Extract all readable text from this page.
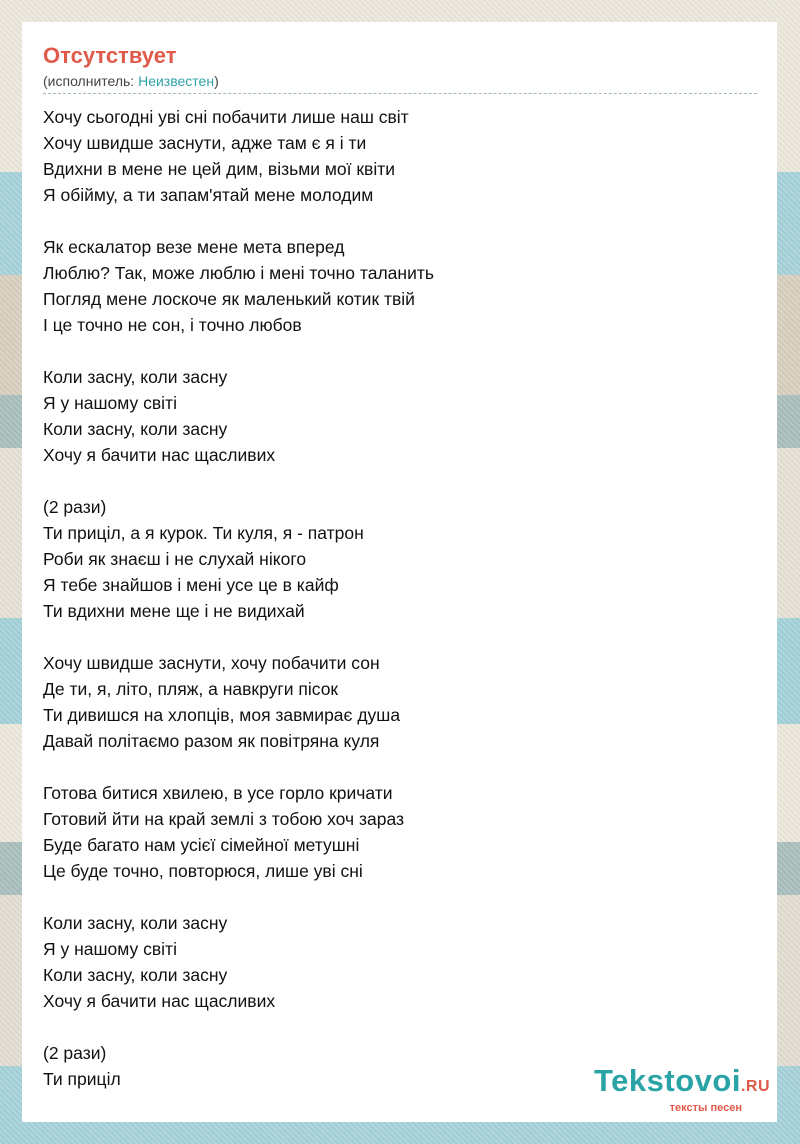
Отсутствует
(исполнитель: Неизвестен)
Хочу сьогодні уві сні побачити лише наш світ
Хочу швидше заснути, адже там є я і ти
Вдихни в мене не цей дим, візьми мої квіти
Я обійму, а ти запам'ятай мене молодим
Як ескалатор везе мене мета вперед
Люблю? Так, може люблю і мені точно таланить
Погляд мене лоскоче як маленький котик твій
І це точно не сон, і точно любов
Коли засну, коли засну
Я у нашому світі
Коли засну, коли засну
Хочу я бачити нас щасливих
(2 рази)
Ти приціл, а я курок. Ти куля, я - патрон
Роби як знаєш і не слухай нікого
Я тебе знайшов і мені усе це в кайф
Ти вдихни мене ще і не видихай
Хочу швидше заснути, хочу побачити сон
Де ти, я, літо, пляж, а навкруги пісок
Ти дивишся на хлопців, моя завмирає душа
Давай політаємо разом як повітряна куля
Готова битися хвилею, в усе горло кричати
Готовий йти на край землі з тобою хоч зараз
Буде багато нам усієї сімейної метушні
Це буде точно, повторюся, лише уві сні
Коли засну, коли засну
Я у нашому світі
Коли засну, коли засну
Хочу я бачити нас щасливих
(2 рази)
Ти приціл	Tekstovoi.RU
тексты песен
